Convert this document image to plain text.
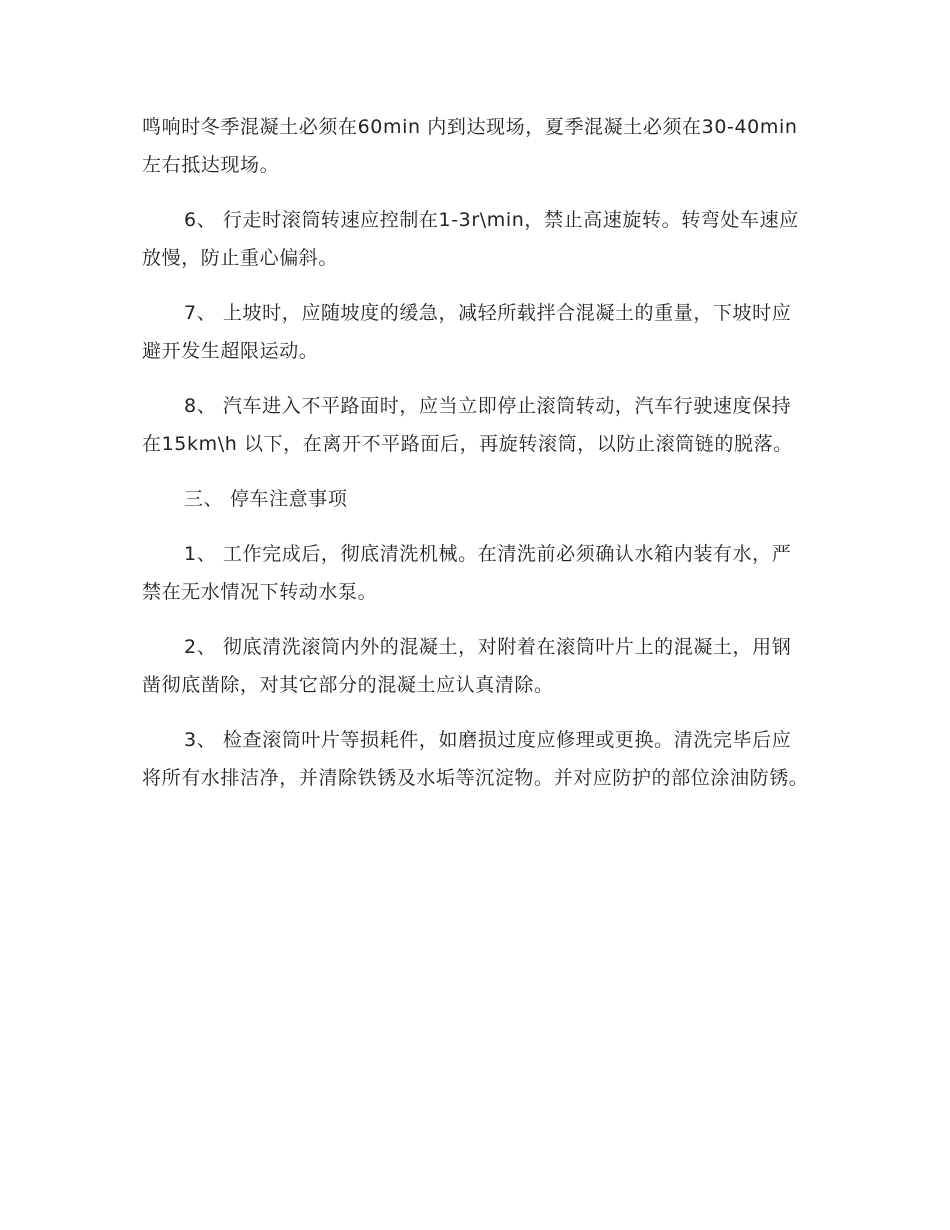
鸣响时冬季混凝土必须在60min 内到达现场，夏季混凝土必须在30-40min 左右抵达现场。

6、 行走时滚筒转速应控制在1-3r\min，禁止高速旋转。转弯处车速应放慢，防止重心偏斜。

7、 上坡时，应随坡度的缓急，减轻所载拌合混凝土的重量，下坡时应避开发生超限运动。

8、 汽车进入不平路面时，应当立即停止滚筒转动，汽车行驶速度保持在15km\h 以下，在离开不平路面后，再旋转滚筒，以防止滚筒链的脱落。

三、 停车注意事项

1、 工作完成后，彻底清洗机械。在清洗前必须确认水箱内装有水，严禁在无水情况下转动水泵。

2、 彻底清洗滚筒内外的混凝土，对附着在滚筒叶片上的混凝土，用钢凿彻底凿除，对其它部分的混凝土应认真清除。

3、 检查滚筒叶片等损耗件，如磨损过度应修理或更换。清洗完毕后应将所有水排洁净，并清除铁锈及水垢等沉淀物。并对应防护的部位涂油防锈。
